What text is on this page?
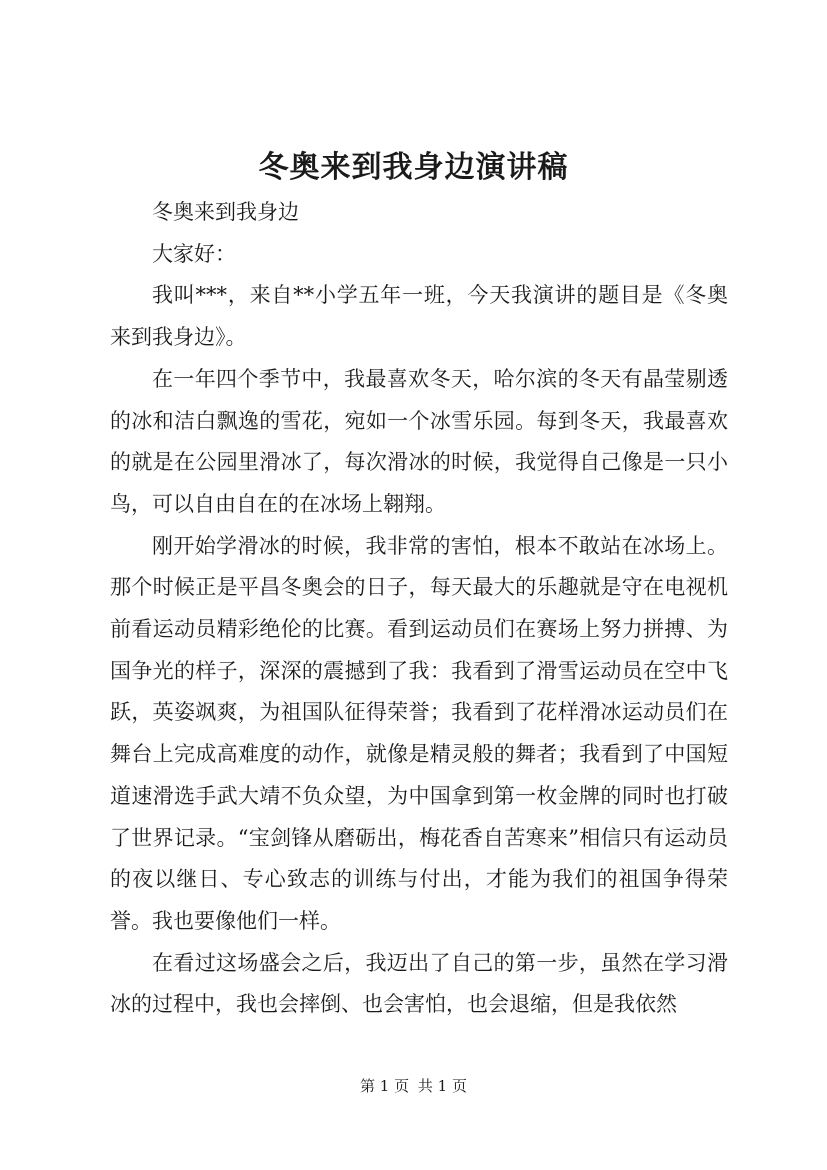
冬奥来到我身边演讲稿

冬奥来到我身边

大家好：

我叫***，来自**小学五年一班，今天我演讲的题目是《冬奥来到我身边》。

在一年四个季节中，我最喜欢冬天，哈尔滨的冬天有晶莹剔透的冰和洁白飘逸的雪花，宛如一个冰雪乐园。每到冬天，我最喜欢的就是在公园里滑冰了，每次滑冰的时候，我觉得自己像是一只小鸟，可以自由自在的在冰场上翱翔。

刚开始学滑冰的时候，我非常的害怕，根本不敢站在冰场上。那个时候正是平昌冬奥会的日子，每天最大的乐趣就是守在电视机前看运动员精彩绝伦的比赛。看到运动员们在赛场上努力拼搏、为国争光的样子，深深的震撼到了我：我看到了滑雪运动员在空中飞跃，英姿飒爽，为祖国队征得荣誉；我看到了花样滑冰运动员们在舞台上完成高难度的动作，就像是精灵般的舞者；我看到了中国短道速滑选手武大靖不负众望，为中国拿到第一枚金牌的同时也打破了世界记录。“宝剑锋从磨砺出，梅花香自苦寒来”相信只有运动员的夜以继日、专心致志的训练与付出，才能为我们的祖国争得荣誉。我也要像他们一样。

在看过这场盛会之后，我迈出了自己的第一步，虽然在学习滑冰的过程中，我也会摔倒、也会害怕，也会退缩，但是我依然

第 1 页 共 1 页
